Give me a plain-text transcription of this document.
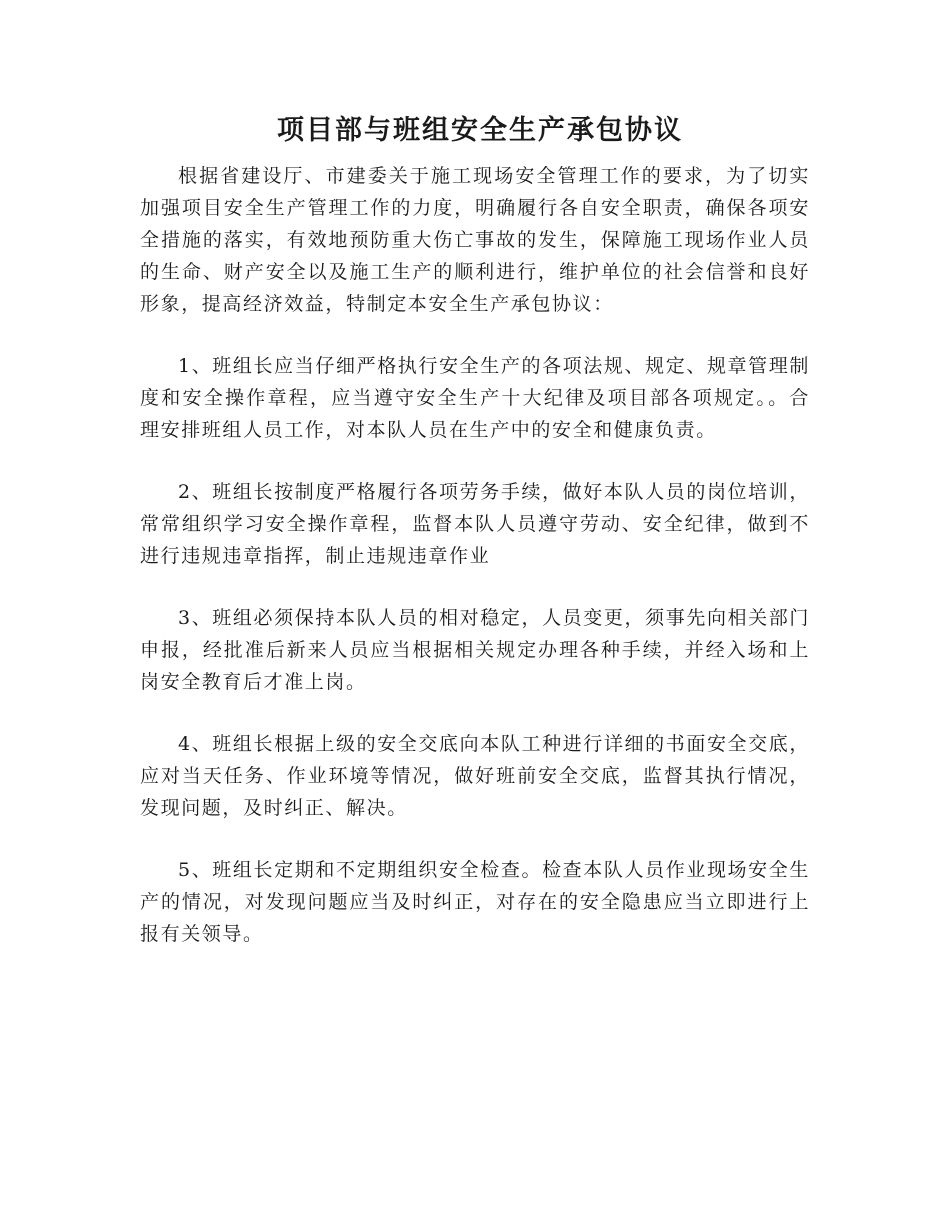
项目部与班组安全生产承包协议

根据省建设厅、市建委关于施工现场安全管理工作的要求，为了切实加强项目安全生产管理工作的力度，明确履行各自安全职责，确保各项安全措施的落实，有效地预防重大伤亡事故的发生，保障施工现场作业人员的生命、财产安全以及施工生产的顺利进行，维护单位的社会信誉和良好形象，提高经济效益，特制定本安全生产承包协议：

1、班组长应当仔细严格执行安全生产的各项法规、规定、规章管理制度和安全操作章程，应当遵守安全生产十大纪律及项目部各项规定。。合理安排班组人员工作，对本队人员在生产中的安全和健康负责。

2、班组长按制度严格履行各项劳务手续，做好本队人员的岗位培训，常常组织学习安全操作章程，监督本队人员遵守劳动、安全纪律，做到不进行违规违章指挥，制止违规违章作业

3、班组必须保持本队人员的相对稳定，人员变更，须事先向相关部门申报，经批准后新来人员应当根据相关规定办理各种手续，并经入场和上岗安全教育后才准上岗。

4、班组长根据上级的安全交底向本队工种进行详细的书面安全交底，应对当天任务、作业环境等情况，做好班前安全交底，监督其执行情况，发现问题，及时纠正、解决。

5、班组长定期和不定期组织安全检查。检查本队人员作业现场安全生产的情况，对发现问题应当及时纠正，对存在的安全隐患应当立即进行上报有关领导。
